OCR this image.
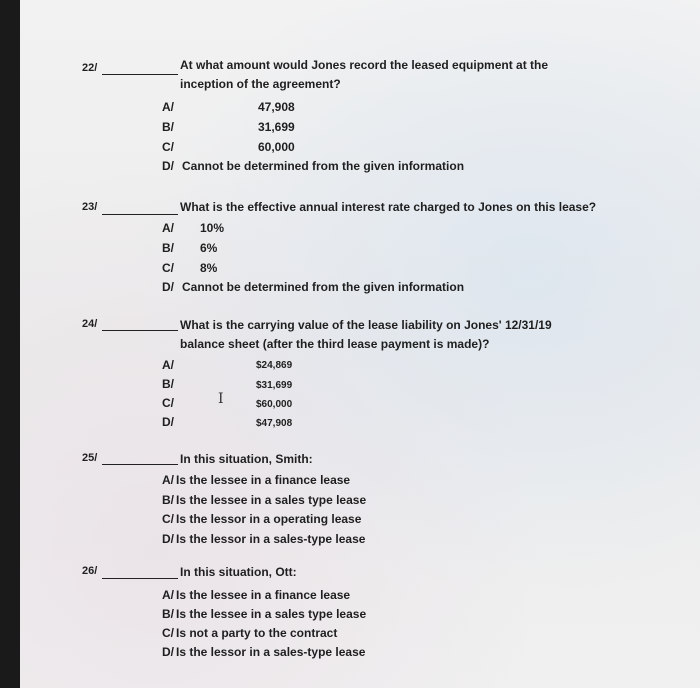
22/	At what amount would Jones record the leased equipment at the
inception of the agreement?
A/	47,908
B/	31,699
C/	60,000
D/ Cannot be determined from the given information
23/	What is the effective annual interest rate charged to Jones on this lease?
A/ 10%
B/ 6%
C/ 8%
D/ Cannot be determined from the given information
24/	What is the carrying value of the lease liability on Jones' 12/31/19
balance sheet (after the third lease payment is made)?
A/	$24,869
B/	$31,699
C/	$60,000
D/	$47,908
I
25/	In this situation, Smith:
A/ Is the lessee in a finance lease
B/ Is the lessee in a sales type lease
C/ Is the lessor in a operating lease
D/ Is the lessor in a sales-type lease
26/	In this situation, Ott:
A/ Is the lessee in a finance lease
B/ Is the lessee in a sales type lease
C/ Is not a party to the contract
D/ Is the lessor in a sales-type lease
